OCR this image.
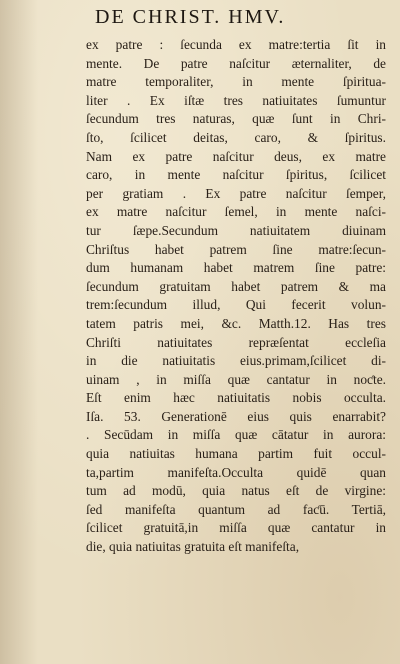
DE CHRIST. HMV.
ex patre : ſecunda ex matre:tertia ſit in
mente. De patre naſcitur æternaliter, de
matre temporaliter, in mente ſpiritua-
liter . Ex iſtæ tres natiuitates ſumuntur
ſecundum tres naturas, quæ ſunt in Chri-
ſto, ſcilicet deitas, caro, & ſpiritus.
Nam ex patre naſcitur deus, ex matre
caro, in mente naſcitur ſpiritus, ſcilicet
per gratiam . Ex patre naſcitur ſemper,
ex matre naſcitur ſemel, in mente naſci-
tur ſæpe.Secundum natiuitatem diuinam
Chriſtus habet patrem ſine matre:ſecun-
dum humanam habet matrem ſine patre:
ſecundum gratuitam habet patrem & ma
trem:ſecundum illud, Qui fecerit volun-
tatem patris mei, &c. Matth.12. Has tres
Chriſti natiuitates repræſentat eccleſia
in die natiuitatis eius.primam,ſcilicet di-
uinam , in miſſa quæ cantatur in noƈte.
Eſt enim hæc natiuitatis nobis occulta.
Iſa. 53. Generationē eius quis enarrabit?
. Secūdam in miſſa quæ cātatur in aurora:
quia natiuitas humana partim fuit occul-
ta,partim manifeſta.Occulta quidē quan
tum ad modū, quia natus eſt de virgine:
ſed manifeſta quantum ad faƈū. Tertiā,
ſcilicet gratuitā,in miſſa quæ cantatur in
die, quia natiuitas gratuita eſt manifeſta,
